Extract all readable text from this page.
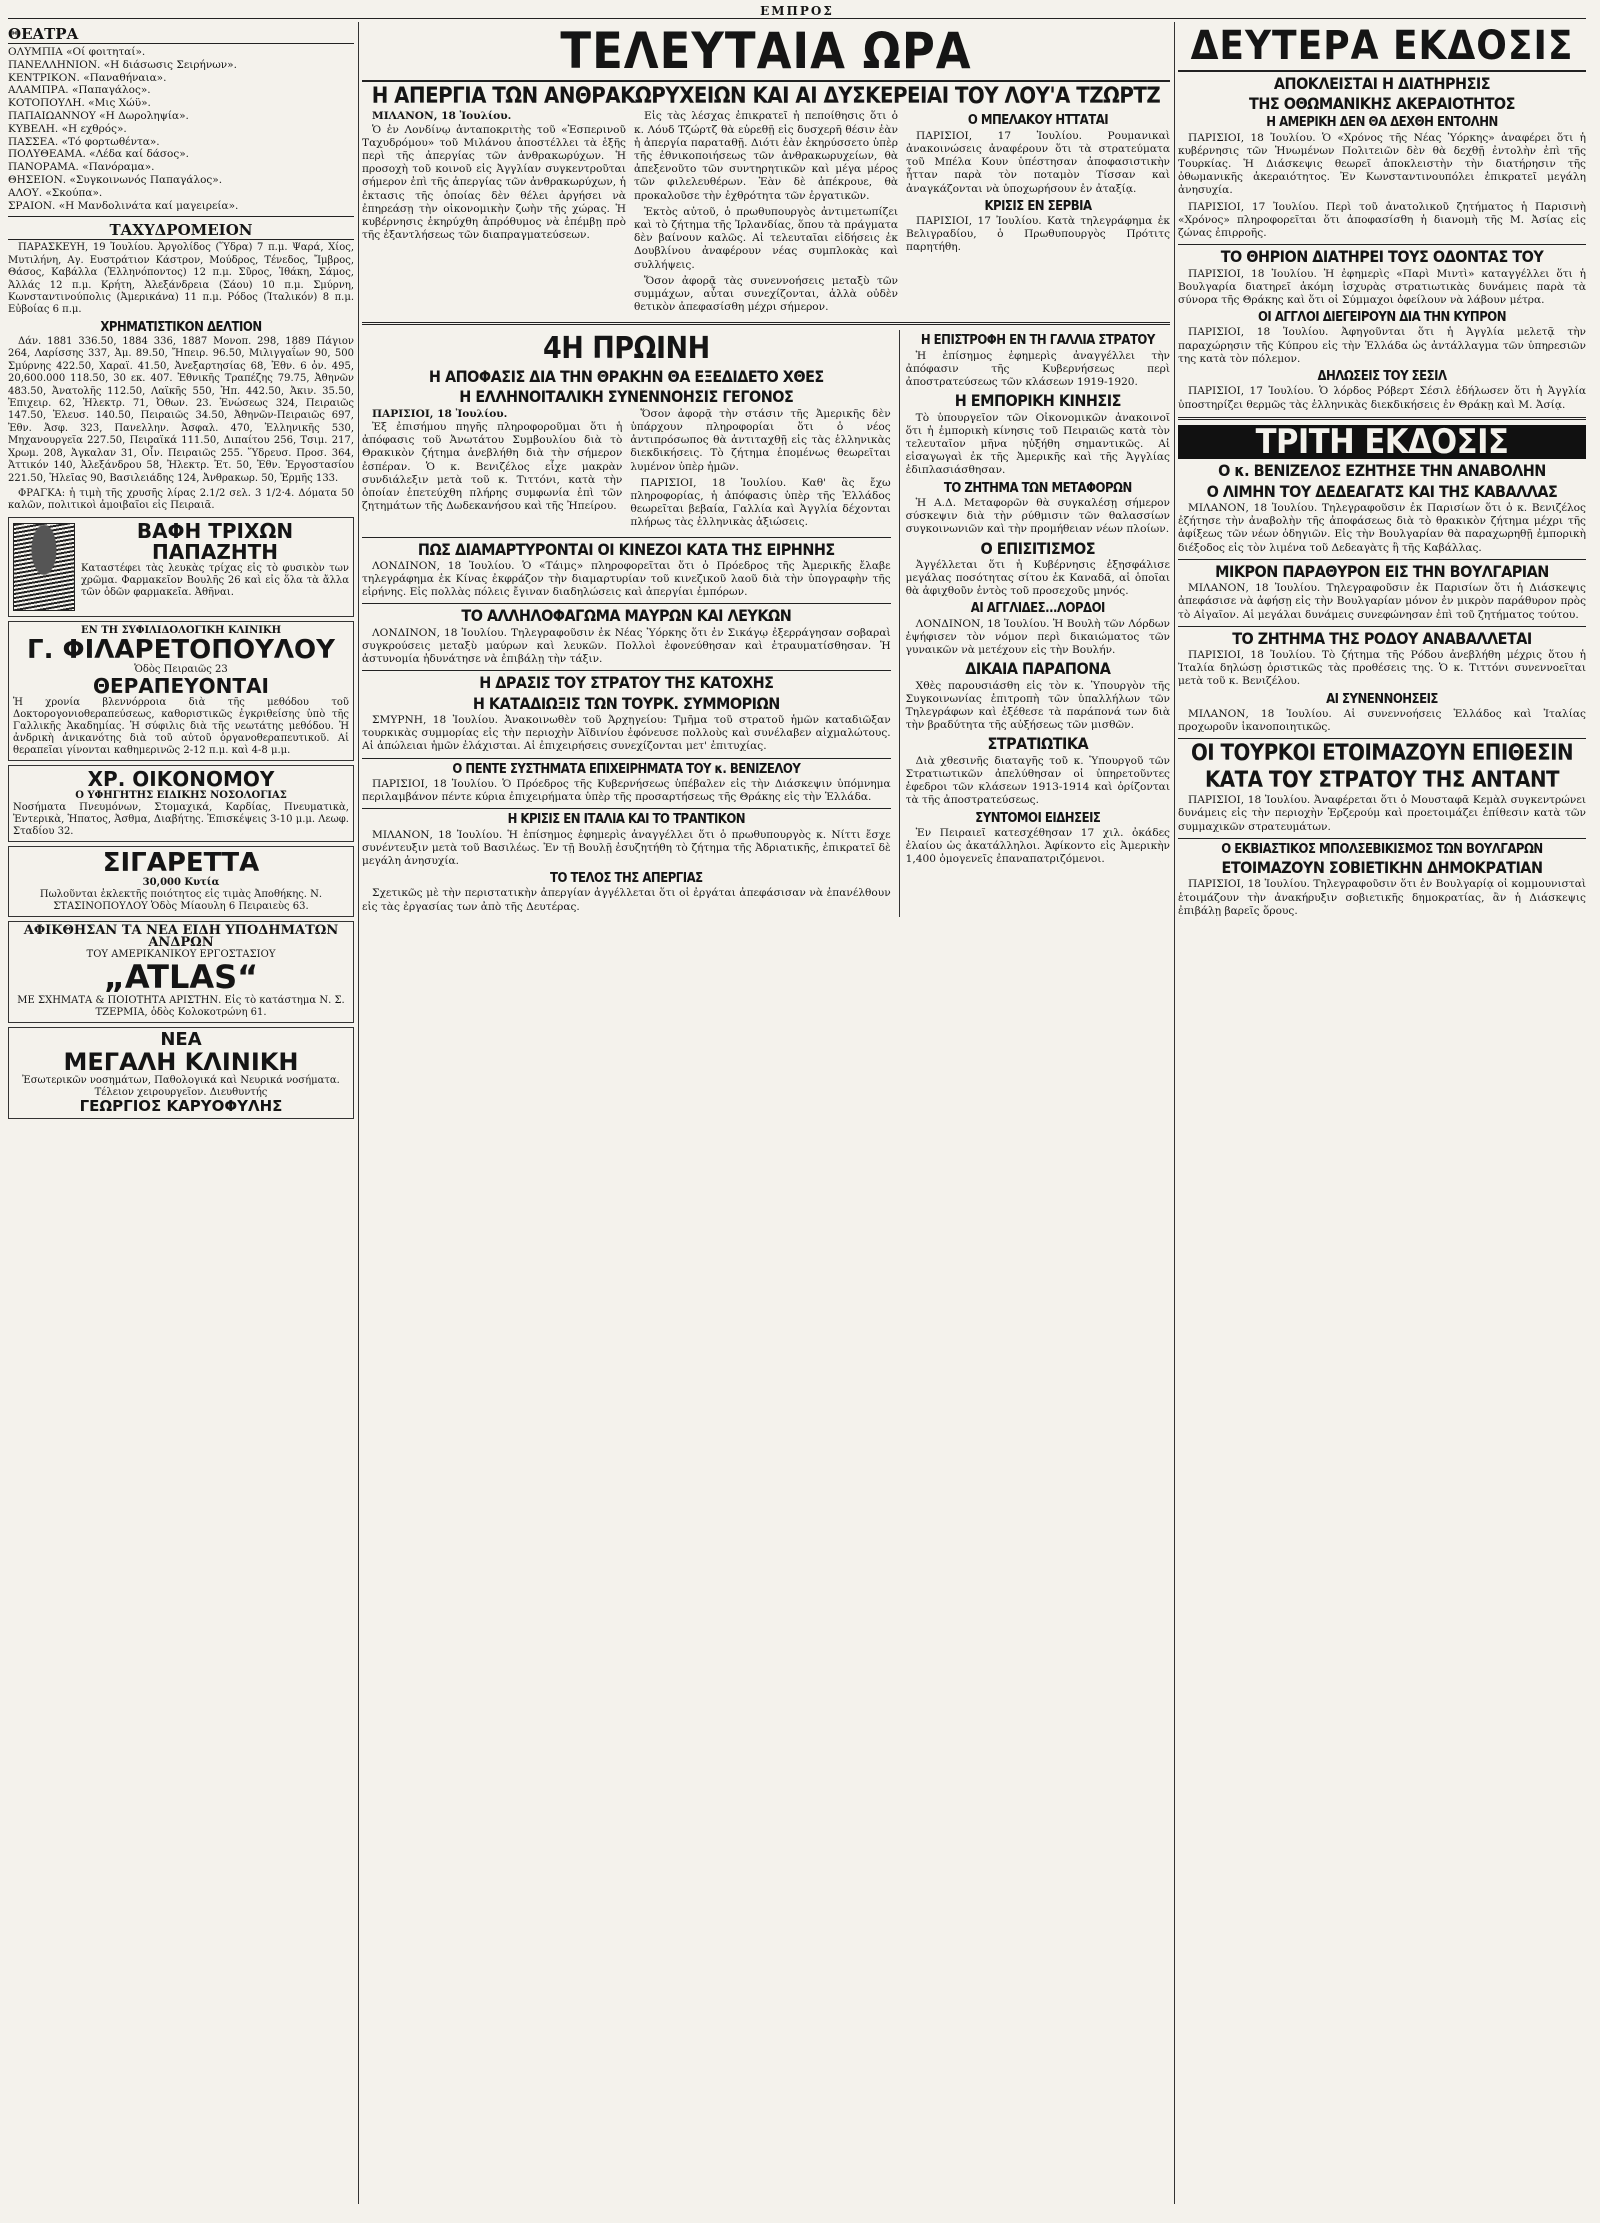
ΕΜΠΡΟΣ
ΘΕΑΤΡΑ
ΟΛΥΜΠΙΑ «Οί φοιτηταί».
ΠΑΝΕΛΛΗΝΙΟΝ. «Η διάσωσις Σειρήνων».
ΚΕΝΤΡΙΚΟΝ. «Παναθήναια».
ΑΛΑΜΠΡΑ. «Παπαγάλος».
ΚΟΤΟΠΟΥΛΗ. «Μις Χώϋ».
ΠΑΠΑΙΩΑΝΝΟΥ «Η Δωροληψία».
ΚΥΒΕΛΗ. «Η εχθρός».
ΠΑΣΣΕΑ. «Τό φορτωθέντα».
ΠΟΛΥΘΕΑΜΑ. «Λέδα καί δάσος».
ΠΑΝΟΡΑΜΑ. «Πανόραμα».
ΘΗΣΕΙΟΝ. «Συγκοινωνός Παπαγάλος».
ΑΛΟΥ. «Σκούπα».
ΣΡΑΙΟΝ. «Η Μανδολινάτα καί μαγειρεία».
ΤΑΧΥΔΡΟΜΕΙΟΝ

ΠΑΡΑΣΚΕΥΗ, 19 Ἰουλίου. Ἀργολίδος (Ὕδρα) 7 π.μ. Ψαρά, Χίος, Μυτιλήνη, Αγ. Ευστράτιον Κάστρον, Μούδρος, Τένεδος, Ἴμβρος, Θάσος, Καβάλλα (Ἑλληνόποντος) 12 π.μ. Σῦρος, Ἰθάκη, Σάμος, Ἀλλάς 12 π.μ. Κρήτη, Ἀλεξάνδρεια (Σάου) 10 π.μ. Σμύρνη, Κωνσταντινούπολις (Ἀμερικάνα) 11 π.μ. Ρόδος (Ἰταλικόν) 8 π.μ. Εὐβοίας 6 π.μ.

ΧΡΗΜΑΤΙΣΤΙΚΟΝ ΔΕΛΤΙΟΝ

Δάν. 1881 336.50, 1884 336, 1887 Μονοπ. 298, 1889 Πάγιον 264, Λαρίσσης 337, Ἀμ. 89.50, Ἤπειρ. 96.50, Μιλιγγαΐων 90, 500 Σμύρνης 422.50, Χαραϊ. 41.50, Ἀνεξαρτησίας 68, Ἐθν. 6 ὀν. 495, 20,600.000 118.50, 30 εκ. 407. Ἐθνικῆς Τραπέζης 79.75, Ἀθηνῶν 483.50, Ἀνατολῆς 112.50, Λαϊκῆς 550, Ἠπ. 442.50, Ἀκιν. 35.50, Ἐπιχειρ. 62, Ἠλεκτρ. 71, Ὀθων. 23. Ἑνώσεως 324, Πειραιῶς 147.50, Ἐλευσ. 140.50, Πειραιῶς 34.50, Ἀθηνῶν-Πειραιῶς 697, Ἐθν. Ἀσφ. 323, Πανελλην. Ἀσφαλ. 470, Ἑλληνικῆς 530, Μηχανουργεῖα 227.50, Πειραϊκά 111.50, Διπαίτου 256, Τσιμ. 217, Χρωμ. 208, Ἀγκαλαν 31, Οἶν. Πειραιῶς 255. Ὕδρευσ. Προσ. 364, Ἀττικόν 140, Ἀλεξάνδρου 58, Ἠλεκτρ. Ἐτ. 50, Ἐθν. Ἐργοστασίου 221.50, Ἡλεῖας 90, Βασιλειάδης 124, Ἀνθρακωρ. 50, Ἐρμῆς 133.

ΦΡΑΓΚΑ: ἡ τιμὴ τῆς χρυσῆς λίρας 2.1/2 σελ. 3 1/2·4. Δόματα 50 καλῶν, πολιτικοὶ ἀμοιβαῖοι εἰς Πειραιᾶ.

ΒΑΦΗ ΤΡΙΧΩΝ ΠΑΠΑΖΗΤΗ
Καταστέφει τὰς λευκὰς τρίχας εἰς τὸ φυσικὸν των χρῶμα. Φαρμακεῖον Βουλῆς 26 καὶ εἰς ὅλα τὰ ἄλλα τῶν ὁδῶν φαρμακεῖα. Ἀθῆναι.
ΕΝ ΤΗ ΣΥΦΙΛΙΔΟΛΟΓΙΚΗ ΚΛΙΝΙΚΗ
Γ. ΦΙΛΑΡΕΤΟΠΟΥΛΟΥ
Ὁδὸς Πειραιῶς 23
ΘΕΡΑΠΕΥΟΝΤΑΙ
Ἡ χρονία βλεννόρροια διὰ τῆς μεθόδου τοῦ Δοκτορογονιοθεραπεύσεως, καθοριστικῶς ἐγκριθείσης ὑπὸ τῆς Γαλλικῆς Ἀκαδημίας. Ἡ σύφιλις διὰ τῆς νεωτάτης μεθόδου. Ἡ ἀνδρικὴ ἀνικανότης διὰ τοῦ αὐτοῦ ὀργανοθεραπευτικοῦ. Αἱ θεραπεῖαι γίνονται καθημερινῶς 2-12 π.μ. καὶ 4-8 μ.μ.
ΧΡ. ΟΙΚΟΝΟΜΟΥ
Ο ΥΦΗΓΗΤΗΣ ΕΙΔΙΚΗΣ ΝΟΣΟΛΟΓΙΑΣ
Νοσήματα Πνευμόνων, Στομαχικά, Καρδίας, Πνευματικὰ, Ἐντερικὰ, Ἡπατος, Ἀσθμα, Διαβήτης. Ἐπισκέψεις 3-10 μ.μ. Λεωφ. Σταδίου 32.
ΣΙΓΑΡΕΤΤΑ
30,000 Κυτία
Πωλοῦνται ἐκλεκτῆς ποιότητος εἰς τιμὰς Ἀποθήκης. Ν. ΣΤΑΣΙΝΟΠΟΥΛΟΥ Ὁδὸς Μίαουλη 6 Πειραιεὺς 63.
ΑΦΙΚΘΗΣΑΝ ΤΑ ΝΕΑ ΕΙΔΗ ΥΠΟΔΗΜΑΤΩΝ ΑΝΔΡΩΝ
ΤΟΥ ΑΜΕΡΙΚΑΝΙΚΟΥ ΕΡΓΟΣΤΑΣΙΟΥ
„ATLAS“
ΜΕ ΣΧΗΜΑΤΑ & ΠΟΙΟΤΗΤΑ ΑΡΙΣΤΗΝ. Εἰς τὸ κατάστημα Ν. Σ. ΤΖΕΡΜΙΑ, ὁδὸς Κολοκοτρώνη 61.
ΝΕΑ
ΜΕΓΑΛΗ ΚΛΙΝΙΚΗ
Ἐσωτερικῶν νοσημάτων, Παθολογικά καὶ Νευρικά νοσήματα. Τέλειον χειρουργεῖον. Διευθυντής
ΓΕΩΡΓΙΟΣ ΚΑΡΥΟΦΥΛΗΣ
ΤΕΛΕΥΤΑΙΑ ΩΡΑ
Η ΑΠΕΡΓΙΑ ΤΩΝ ΑΝΘΡΑΚΩΡΥΧΕΙΩΝ ΚΑΙ ΑΙ ΔΥΣΚΕΡΕΙΑΙ ΤΟΥ ΛΟΥ'Α ΤΖΩΡΤΖ

ΜΙΛΑΝΟΝ, 18 Ἰουλίου.

Ὁ ἐν Λονδίνῳ ἀνταποκριτὴς τοῦ «Ἐσπερινοῦ Ταχυδρόμου» τοῦ Μιλάνου ἀποστέλλει τὰ ἑξῆς περὶ τῆς ἀπεργίας τῶν ἀνθρακωρύχων. Ἡ προσοχὴ τοῦ κοινοῦ εἰς Ἀγγλίαν συγκεντροῦται σήμερον ἐπὶ τῆς ἀπεργίας τῶν ἀνθρακωρύχων, ἡ ἐκτασις τῆς ὁποίας δὲν θέλει ἀργήσει νὰ ἐπηρεάσῃ τὴν οἰκονομικὴν ζωὴν τῆς χώρας. Ἡ κυβέρνησις ἐκηρύχθη ἀπρόθυμος νὰ ἐπέμβῃ πρὸ τῆς ἐξαντλήσεως τῶν διαπραγματεύσεων.

Εἰς τὰς λέσχας ἐπικρατεῖ ἡ πεποίθησις ὅτι ὁ κ. Λόυδ Τζώρτζ θὰ εὑρεθῇ εἰς δυσχερῆ θέσιν ἐὰν ἡ ἀπεργία παραταθῇ. Διότι ἐὰν ἐκηρύσσετο ὑπὲρ τῆς ἐθνικοποιήσεως τῶν ἀνθρακωρυχείων, θὰ ἀπεξενοῦτο τῶν συντηρητικῶν καὶ μέγα μέρος τῶν φιλελευθέρων. Ἐὰν δὲ ἀπέκρουε, θὰ προκαλοῦσε τὴν ἐχθρότητα τῶν ἐργατικῶν.

Ἐκτὸς αὐτοῦ, ὁ πρωθυπουργὸς ἀντιμετωπίζει καὶ τὸ ζήτημα τῆς Ἰρλανδίας, ὅπου τὰ πράγματα δὲν βαίνουν καλῶς. Αἱ τελευταῖαι εἰδήσεις ἐκ Δουβλίνου ἀναφέρουν νέας συμπλοκὰς καὶ συλλήψεις.

Ὅσον ἀφορᾷ τὰς συνεννοήσεις μεταξὺ τῶν συμμάχων, αὗται συνεχίζονται, ἀλλὰ οὐδὲν θετικὸν ἀπεφασίσθη μέχρι σήμερον.

Ο ΜΠΕΛΑΚΟΥ ΗΤΤΑΤΑΙ

ΠΑΡΙΣΙΟΙ, 17 Ἰουλίου. Ρουμανικαὶ ἀνακοινώσεις ἀναφέρουν ὅτι τὰ στρατεύματα τοῦ Μπέλα Κουν ὑπέστησαν ἀποφασιστικὴν ἧτταν παρὰ τὸν ποταμὸν Τίσσαν καὶ ἀναγκάζονται νὰ ὑποχωρήσουν ἐν ἀταξίᾳ.

ΚΡΙΣΙΣ ΕΝ ΣΕΡΒΙΑ

ΠΑΡΙΣΙΟΙ, 17 Ἰουλίου. Κατὰ τηλεγράφημα ἐκ Βελιγραδίου, ὁ Πρωθυπουργὸς Πρότιτς παρητήθη.

4Η ΠΡΩΙΝΗ
Η ΑΠΟΦΑΣΙΣ ΔΙΑ ΤΗΝ ΘΡΑΚΗΝ ΘΑ ΕΞΕΔΙΔΕΤΟ ΧΘΕΣ
Η ΕΛΛΗΝΟΙΤΑΛΙΚΗ ΣΥΝΕΝΝΟΗΣΙΣ ΓΕΓΟΝΟΣ

ΠΑΡΙΣΙΟΙ, 18 Ἰουλίου.

Ἐξ ἐπισήμου πηγῆς πληροφοροῦμαι ὅτι ἡ ἀπόφασις τοῦ Ἀνωτάτου Συμβουλίου διὰ τὸ Θρακικὸν ζήτημα ἀνεβλήθη διὰ τὴν σήμερον ἐσπέραν. Ὁ κ. Βενιζέλος εἶχε μακρὰν συνδιάλεξιν μετὰ τοῦ κ. Τιττόνι, κατὰ τὴν ὁποίαν ἐπετεύχθη πλήρης συμφωνία ἐπὶ τῶν ζητημάτων τῆς Δωδεκανήσου καὶ τῆς Ἠπείρου.

Ὅσον ἀφορᾷ τὴν στάσιν τῆς Ἀμερικῆς δὲν ὑπάρχουν πληροφορίαι ὅτι ὁ νέος ἀντιπρόσωπος θὰ ἀντιταχθῇ εἰς τὰς ἑλληνικὰς διεκδικήσεις. Τὸ ζήτημα ἐπομένως θεωρεῖται λυμένον ὑπὲρ ἡμῶν.

ΠΑΡΙΣΙΟΙ, 18 Ἰουλίου. Καθ' ἃς ἔχω πληροφορίας, ἡ ἀπόφασις ὑπὲρ τῆς Ἑλλάδος θεωρεῖται βεβαία, Γαλλία καὶ Ἀγγλία δέχονται πλήρως τὰς ἑλληνικὰς ἀξιώσεις.

ΠΩΣ ΔΙΑΜΑΡΤΥΡΟΝΤΑΙ ΟΙ ΚΙΝΕΖΟΙ ΚΑΤΑ ΤΗΣ ΕΙΡΗΝΗΣ

ΛΟΝΔΙΝΟΝ, 18 Ἰουλίου. Ὁ «Τάιμς» πληροφορεῖται ὅτι ὁ Πρόεδρος τῆς Ἀμερικῆς ἔλαβε τηλεγράφημα ἐκ Κίνας ἐκφράζον τὴν διαμαρτυρίαν τοῦ κινεζικοῦ λαοῦ διὰ τὴν ὑπογραφὴν τῆς εἰρήνης. Εἰς πολλὰς πόλεις ἔγιναν διαδηλώσεις καὶ ἀπεργίαι ἐμπόρων.

ΤΟ ΑΛΛΗΛΟΦΑΓΩΜΑ ΜΑΥΡΩΝ ΚΑΙ ΛΕΥΚΩΝ

ΛΟΝΔΙΝΟΝ, 18 Ἰουλίου. Τηλεγραφοῦσιν ἐκ Νέας Ὑόρκης ὅτι ἐν Σικάγῳ ἐξερράγησαν σοβαραὶ συγκρούσεις μεταξὺ μαύρων καὶ λευκῶν. Πολλοὶ ἐφονεύθησαν καὶ ἐτραυματίσθησαν. Ἡ ἀστυνομία ἠδυνάτησε νὰ ἐπιβάλῃ τὴν τάξιν.

Η ΔΡΑΣΙΣ ΤΟΥ ΣΤΡΑΤΟΥ ΤΗΣ ΚΑΤΟΧΗΣ
Η ΚΑΤΑΔΙΩΞΙΣ ΤΩΝ ΤΟΥΡΚ. ΣΥΜΜΟΡΙΩΝ

ΣΜΥΡΝΗ, 18 Ἰουλίου. Ἀνακοινωθὲν τοῦ Ἀρχηγείου: Τμῆμα τοῦ στρατοῦ ἡμῶν καταδιῶξαν τουρκικὰς συμμορίας εἰς τὴν περιοχὴν Ἀϊδινίου ἐφόνευσε πολλοὺς καὶ συνέλαβεν αἰχμαλώτους. Αἱ ἀπώλειαι ἡμῶν ἐλάχισται. Αἱ ἐπιχειρήσεις συνεχίζονται μετ' ἐπιτυχίας.

Ο ΠΕΝΤΕ ΣΥΣΤΗΜΑΤΑ ΕΠΙΧΕΙΡΗΜΑΤΑ ΤΟΥ κ. ΒΕΝΙΖΕΛΟΥ

ΠΑΡΙΣΙΟΙ, 18 Ἰουλίου. Ὁ Πρόεδρος τῆς Κυβερνήσεως ὑπέβαλεν εἰς τὴν Διάσκεψιν ὑπόμνημα περιλαμβάνον πέντε κύρια ἐπιχειρήματα ὑπὲρ τῆς προσαρτήσεως τῆς Θράκης εἰς τὴν Ἑλλάδα.

Η ΚΡΙΣΙΣ ΕΝ ΙΤΑΛΙΑ ΚΑΙ ΤΟ ΤΡΑΝΤΙΚΟΝ

ΜΙΛΑΝΟΝ, 18 Ἰουλίου. Ἡ ἐπίσημος ἐφημερὶς ἀναγγέλλει ὅτι ὁ πρωθυπουργὸς κ. Νίττι ἔσχε συνέντευξιν μετὰ τοῦ Βασιλέως. Ἐν τῇ Βουλῇ ἐσυζητήθη τὸ ζήτημα τῆς Ἀδριατικῆς, ἐπικρατεῖ δὲ μεγάλη ἀνησυχία.

ΤΟ ΤΕΛΟΣ ΤΗΣ ΑΠΕΡΓΙΑΣ

Σχετικῶς μὲ τὴν περιστατικὴν ἀπεργίαν ἀγγέλλεται ὅτι οἱ ἐργάται ἀπεφάσισαν νὰ ἐπανέλθουν εἰς τὰς ἐργασίας των ἀπὸ τῆς Δευτέρας.

Η ΕΠΙΣΤΡΟΦΗ ΕΝ ΤΗ ΓΑΛΛΙΑ ΣΤΡΑΤΟΥ

Ἡ ἐπίσημος ἐφημερὶς ἀναγγέλλει τὴν ἀπόφασιν τῆς Κυβερνήσεως περὶ ἀποστρατεύσεως τῶν κλάσεων 1919-1920.

Η ΕΜΠΟΡΙΚΗ ΚΙΝΗΣΙΣ

Τὸ ὑπουργεῖον τῶν Οἰκονομικῶν ἀνακοινοῖ ὅτι ἡ ἐμπορικὴ κίνησις τοῦ Πειραιῶς κατὰ τὸν τελευταῖον μῆνα ηὐξήθη σημαντικῶς. Αἱ εἰσαγωγαὶ ἐκ τῆς Ἀμερικῆς καὶ τῆς Ἀγγλίας ἐδιπλασιάσθησαν.

ΤΟ ΖΗΤΗΜΑ ΤΩΝ ΜΕΤΑΦΟΡΩΝ

Ἡ Α.Δ. Μεταφορῶν θὰ συγκαλέσῃ σήμερον σύσκεψιν διὰ τὴν ρύθμισιν τῶν θαλασσίων συγκοινωνιῶν καὶ τὴν προμήθειαν νέων πλοίων.

Ο ΕΠΙΣΙΤΙΣΜΟΣ

Ἀγγέλλεται ὅτι ἡ Κυβέρνησις ἐξησφάλισε μεγάλας ποσότητας σίτου ἐκ Καναδᾶ, αἱ ὁποῖαι θὰ ἀφιχθοῦν ἐντὸς τοῦ προσεχοῦς μηνός.

ΑΙ ΑΓΓΛΙΔΕΣ...ΛΟΡΔΟΙ

ΛΟΝΔΙΝΟΝ, 18 Ἰουλίου. Ἡ Βουλὴ τῶν Λόρδων ἐψήφισεν τὸν νόμον περὶ δικαιώματος τῶν γυναικῶν νὰ μετέχουν εἰς τὴν Βουλήν.

ΔΙΚΑΙΑ ΠΑΡΑΠΟΝΑ

Χθὲς παρουσιάσθη εἰς τὸν κ. Ὑπουργὸν τῆς Συγκοινωνίας ἐπιτροπὴ τῶν ὑπαλλήλων τῶν Τηλεγράφων καὶ ἐξέθεσε τὰ παράπονά των διὰ τὴν βραδύτητα τῆς αὐξήσεως τῶν μισθῶν.

ΣΤΡΑΤΙΩΤΙΚΑ

Διὰ χθεσινῆς διαταγῆς τοῦ κ. Ὑπουργοῦ τῶν Στρατιωτικῶν ἀπελύθησαν οἱ ὑπηρετοῦντες ἐφεδροι τῶν κλάσεων 1913-1914 καὶ ὀρίζονται τὰ τῆς ἀποστρατεύσεως.

ΣΥΝΤΟΜΟΙ ΕΙΔΗΣΕΙΣ

Ἐν Πειραιεῖ κατεσχέθησαν 17 χιλ. ὀκάδες ἐλαίου ὡς ἀκατάλληλοι. Ἀφίκοντο εἰς Ἀμερικὴν 1,400 ὁμογενεῖς ἐπαναπατριζόμενοι.

ΔΕΥΤΕΡΑ ΕΚΔΟΣΙΣ
ΑΠΟΚΛΕΙΣΤΑΙ Η ΔΙΑΤΗΡΗΣΙΣ
ΤΗΣ ΟΘΩΜΑΝΙΚΗΣ ΑΚΕΡΑΙΟΤΗΤΟΣ
Η ΑΜΕΡΙΚΗ ΔΕΝ ΘΑ ΔΕΧΘΗ ΕΝΤΟΛΗΝ

ΠΑΡΙΣΙΟΙ, 18 Ἰουλίου. Ὁ «Χρόνος τῆς Νέας Ὑόρκης» ἀναφέρει ὅτι ἡ κυβέρνησις τῶν Ἡνωμένων Πολιτειῶν δὲν θὰ δεχθῇ ἐντολὴν ἐπὶ τῆς Τουρκίας. Ἡ Διάσκεψις θεωρεῖ ἀποκλειστὴν τὴν διατήρησιν τῆς ὀθωμανικῆς ἀκεραιότητος. Ἐν Κωνσταντινουπόλει ἐπικρατεῖ μεγάλη ἀνησυχία.

ΠΑΡΙΣΙΟΙ, 17 Ἰουλίου. Περὶ τοῦ ἀνατολικοῦ ζητήματος ἡ Παρισινὴ «Χρόνος» πληροφορεῖται ὅτι ἀποφασίσθη ἡ διανομὴ τῆς Μ. Ἀσίας εἰς ζώνας ἐπιρροῆς.

ΤΟ ΘΗΡΙΟΝ ΔΙΑΤΗΡΕΙ ΤΟΥΣ ΟΔΟΝΤΑΣ ΤΟΥ

ΠΑΡΙΣΙΟΙ, 18 Ἰουλίου. Ἡ ἐφημερὶς «Παρὶ Μιντὶ» καταγγέλλει ὅτι ἡ Βουλγαρία διατηρεῖ ἀκόμη ἰσχυρὰς στρατιωτικὰς δυνάμεις παρὰ τὰ σύνορα τῆς Θράκης καὶ ὅτι οἱ Σύμμαχοι ὀφείλουν νὰ λάβουν μέτρα.

ΟΙ ΑΓΓΛΟΙ ΔΙΕΓΕΙΡΟΥΝ ΔΙΑ ΤΗΝ ΚΥΠΡΟΝ

ΠΑΡΙΣΙΟΙ, 18 Ἰουλίου. Ἀφηγοῦνται ὅτι ἡ Ἀγγλία μελετᾷ τὴν παραχώρησιν τῆς Κύπρου εἰς τὴν Ἑλλάδα ὡς ἀντάλλαγμα τῶν ὑπηρεσιῶν της κατὰ τὸν πόλεμον.

ΔΗΛΩΣΕΙΣ ΤΟΥ ΣΕΣΙΛ

ΠΑΡΙΣΙΟΙ, 17 Ἰουλίου. Ὁ λόρδος Ρόβερτ Σέσιλ ἐδήλωσεν ὅτι ἡ Ἀγγλία ὑποστηρίζει θερμῶς τὰς ἑλληνικὰς διεκδικήσεις ἐν Θράκῃ καὶ Μ. Ἀσίᾳ.

ΤΡΙΤΗ ΕΚΔΟΣΙΣ
Ο κ. ΒΕΝΙΖΕΛΟΣ ΕΖΗΤΗΣΕ ΤΗΝ ΑΝΑΒΟΛΗΝ
Ο ΛΙΜΗΝ ΤΟΥ ΔΕΔΕΑΓΑΤΣ ΚΑΙ ΤΗΣ ΚΑΒΑΛΛΑΣ

ΜΙΛΑΝΟΝ, 18 Ἰουλίου. Τηλεγραφοῦσιν ἐκ Παρισίων ὅτι ὁ κ. Βενιζέλος ἐζήτησε τὴν ἀναβολὴν τῆς ἀποφάσεως διὰ τὸ θρακικὸν ζήτημα μέχρι τῆς ἀφίξεως τῶν νέων ὁδηγιῶν. Εἰς τὴν Βουλγαρίαν θὰ παραχωρηθῇ ἐμπορικὴ διέξοδος εἰς τὸν λιμένα τοῦ Δεδεαγὰτς ἢ τῆς Καβάλλας.

ΜΙΚΡΟΝ ΠΑΡΑΘΥΡΟΝ ΕΙΣ ΤΗΝ ΒΟΥΛΓΑΡΙΑΝ

ΜΙΛΑΝΟΝ, 18 Ἰουλίου. Τηλεγραφοῦσιν ἐκ Παρισίων ὅτι ἡ Διάσκεψις ἀπεφάσισε νὰ ἀφήσῃ εἰς τὴν Βουλγαρίαν μόνον ἐν μικρὸν παράθυρον πρὸς τὸ Αἰγαῖον. Αἱ μεγάλαι δυνάμεις συνεφώνησαν ἐπὶ τοῦ ζητήματος τούτου.

ΤΟ ΖΗΤΗΜΑ ΤΗΣ ΡΟΔΟΥ ΑΝΑΒΑΛΛΕΤΑΙ

ΠΑΡΙΣΙΟΙ, 18 Ἰουλίου. Τὸ ζήτημα τῆς Ρόδου ἀνεβλήθη μέχρις ὅτου ἡ Ἰταλία δηλώσῃ ὁριστικῶς τὰς προθέσεις της. Ὁ κ. Τιττόνι συνεννοεῖται μετὰ τοῦ κ. Βενιζέλου.

ΑΙ ΣΥΝΕΝΝΟΗΣΕΙΣ

ΜΙΛΑΝΟΝ, 18 Ἰουλίου. Αἱ συνεννοήσεις Ἑλλάδος καὶ Ἰταλίας προχωροῦν ἱκανοποιητικῶς.

ΟΙ ΤΟΥΡΚΟΙ ΕΤΟΙΜΑΖΟΥΝ ΕΠΙΘΕΣΙΝ
ΚΑΤΑ ΤΟΥ ΣΤΡΑΤΟΥ ΤΗΣ ΑΝΤΑΝΤ

ΠΑΡΙΣΙΟΙ, 18 Ἰουλίου. Ἀναφέρεται ὅτι ὁ Μουσταφᾶ Κεμὰλ συγκεντρώνει δυνάμεις εἰς τὴν περιοχὴν Ἐρζερούμ καὶ προετοιμάζει ἐπίθεσιν κατὰ τῶν συμμαχικῶν στρατευμάτων.

Ο ΕΚΒΙΑΣΤΙΚΟΣ ΜΠΟΛΣΕΒΙΚΙΣΜΟΣ ΤΩΝ ΒΟΥΛΓΑΡΩΝ
ΕΤΟΙΜΑΖΟΥΝ ΣΟΒΙΕΤΙΚΗΝ ΔΗΜΟΚΡΑΤΙΑΝ

ΠΑΡΙΣΙΟΙ, 18 Ἰουλίου. Τηλεγραφοῦσιν ὅτι ἐν Βουλγαρίᾳ οἱ κομμουνισταὶ ἑτοιμάζουν τὴν ἀνακήρυξιν σοβιετικῆς δημοκρατίας, ἂν ἡ Διάσκεψις ἐπιβάλῃ βαρεῖς ὅρους.
